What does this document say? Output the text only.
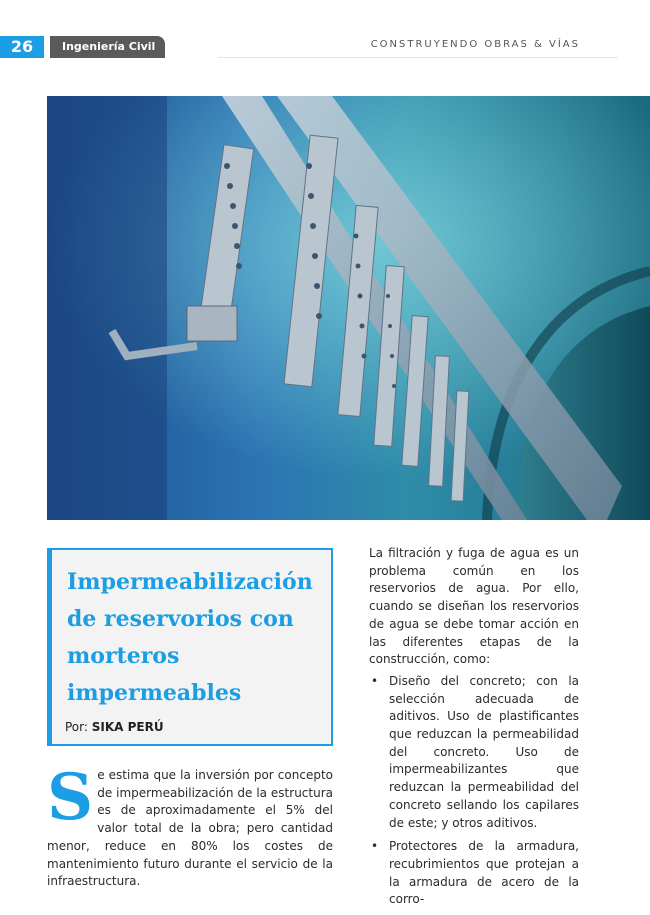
26	Ingeniería Civil	CONSTRUYENDO OBRAS & VÍAS
Impermeabilización de reservorios con morteros impermeables
Por: SIKA PERÚ
S e estima que la inversión por concepto de impermeabilización de la estructura es de aproximadamente el 5% del valor total de la obra; pero cantidad menor, reduce en 80% los costes de mantenimiento futuro durante el servicio de la infraestructura.

La filtración y fuga de agua es un problema común en los reservorios de agua. Por ello, cuando se diseñan los reservorios de agua se debe tomar acción en las diferentes etapas de la construcción, como:

• Diseño del concreto; con la selección adecuada de aditivos. Uso de plastificantes que reduzcan la permeabilidad del concreto. Uso de impermeabilizantes que reduzcan la permeabilidad del concreto sellando los capilares de este; y otros aditivos.
• Protectores de la armadura, recubrimientos que protejan a la armadura de acero de la corro-
